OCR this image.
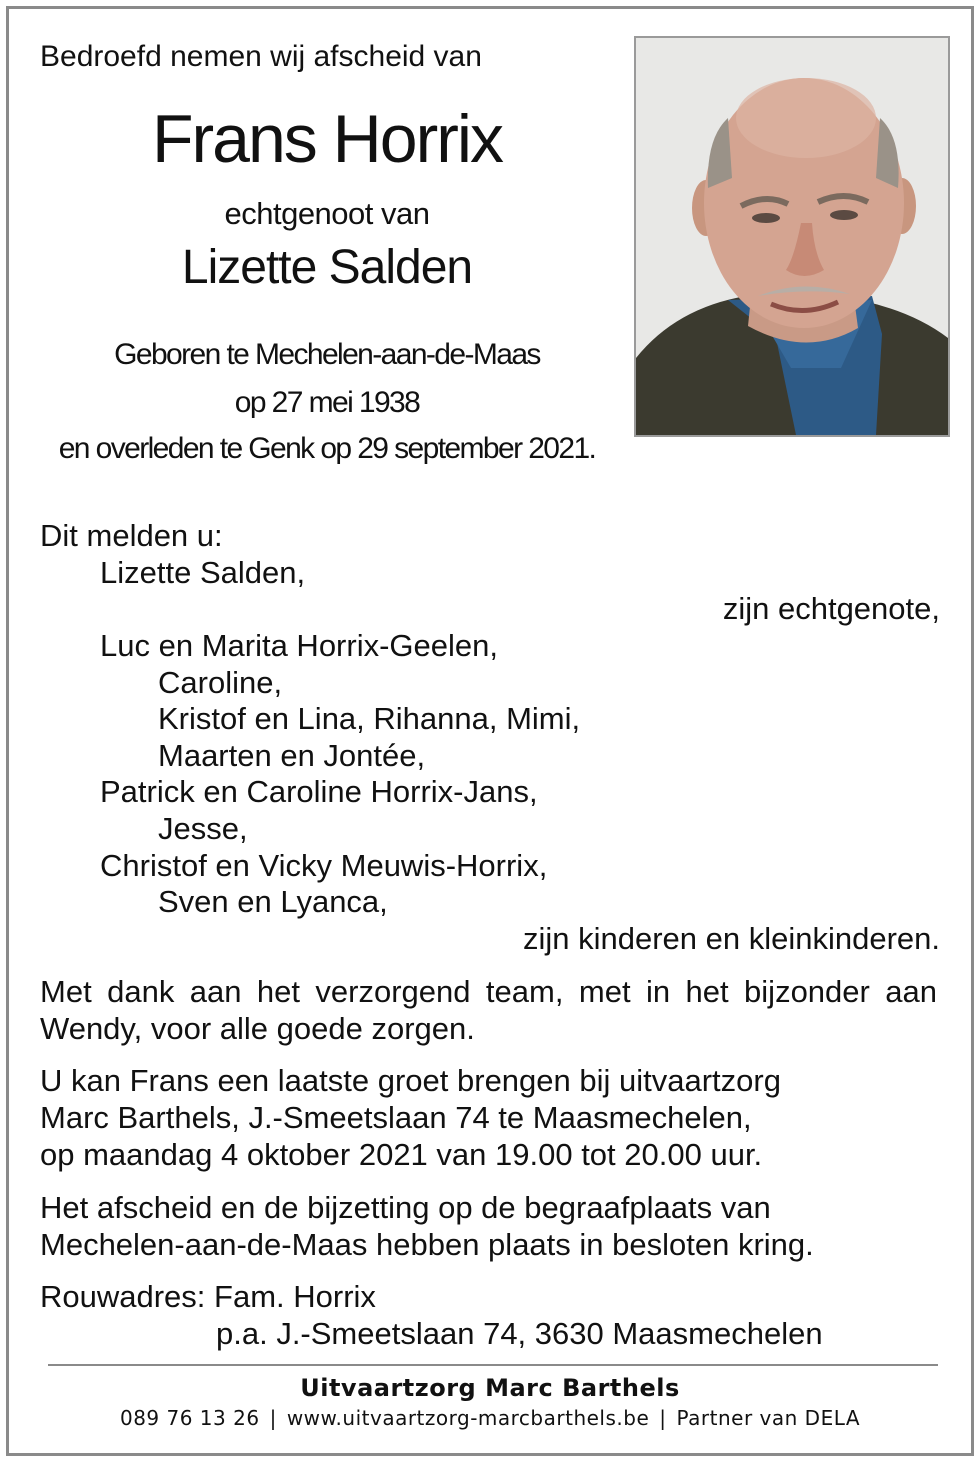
Bedroefd nemen wij afscheid van
Frans Horrix
echtgenoot van
Lizette Salden
Geboren te Mechelen-aan-de-Maas
op 27 mei 1938
en overleden te Genk op 29 september 2021.
Dit melden u:
Lizette Salden,
zijn echtgenote,
Luc en Marita Horrix-Geelen,
Caroline,
Kristof en Lina, Rihanna, Mimi,
Maarten en Jontée,
Patrick en Caroline Horrix-Jans,
Jesse,
Christof en Vicky Meuwis-Horrix,
Sven en Lyanca,
zijn kinderen en kleinkinderen.
Met dank aan het verzorgend team, met in het bijzonder aan
Wendy, voor alle goede zorgen.
U kan Frans een laatste groet brengen bij uitvaartzorg
Marc Barthels, J.-Smeetslaan 74 te Maasmechelen,
op maandag 4 oktober 2021 van 19.00 tot 20.00 uur.
Het afscheid en de bijzetting op de begraafplaats van
Mechelen-aan-de-Maas hebben plaats in besloten kring.
Rouwadres: Fam. Horrix
p.a. J.-Smeetslaan 74, 3630 Maasmechelen
Uitvaartzorg Marc Barthels
089 76 13 26 | www.uitvaartzorg-marcbarthels.be | Partner van DELA
